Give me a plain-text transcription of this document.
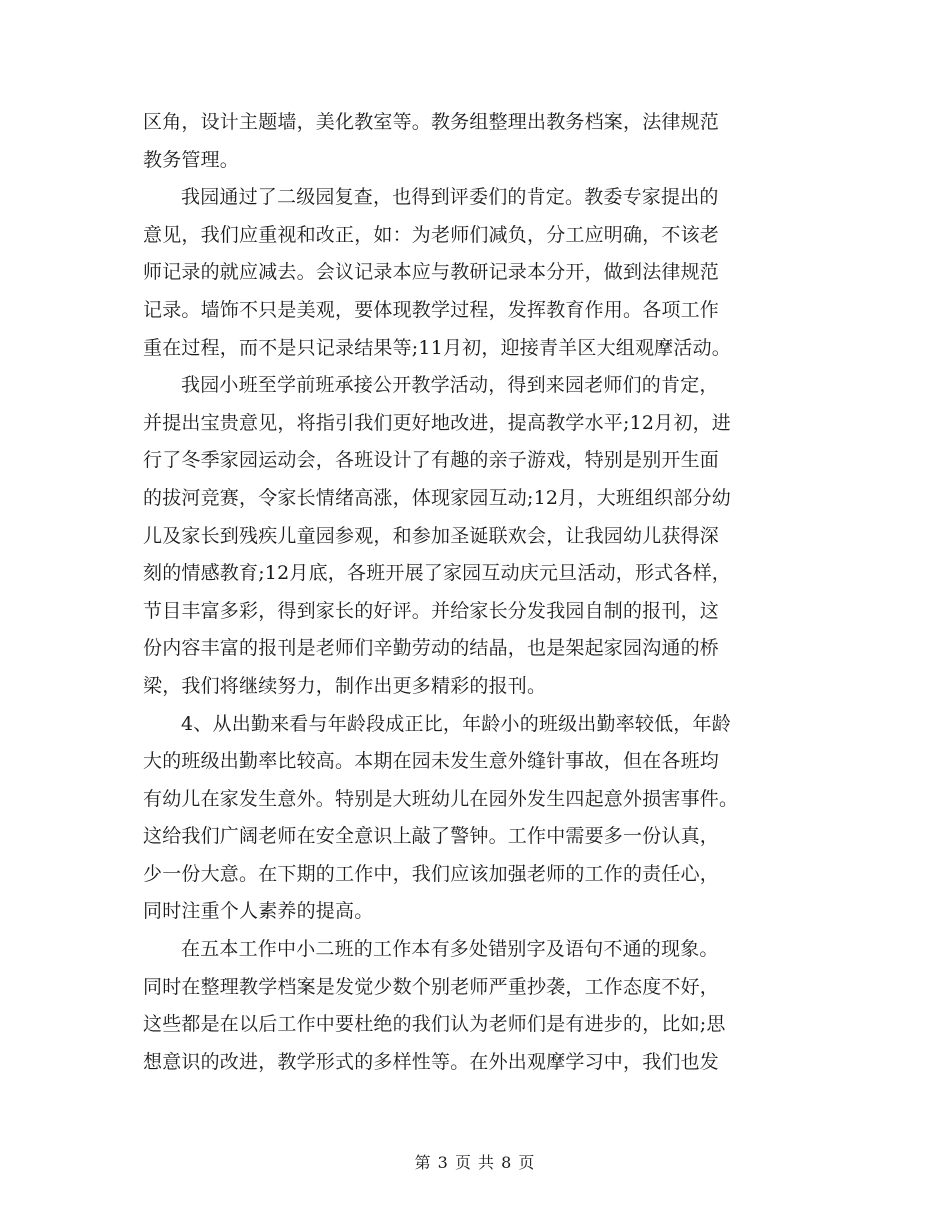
区角，设计主题墙，美化教室等。教务组整理出教务档案，法律规范
教务管理。
我园通过了二级园复查，也得到评委们的肯定。教委专家提出的
意见，我们应重视和改正，如：为老师们减负，分工应明确，不该老
师记录的就应减去。会议记录本应与教研记录本分开，做到法律规范
记录。墙饰不只是美观，要体现教学过程，发挥教育作用。各项工作
重在过程，而不是只记录结果等;11月初，迎接青羊区大组观摩活动。
我园小班至学前班承接公开教学活动，得到来园老师们的肯定，
并提出宝贵意见，将指引我们更好地改进，提高教学水平;12月初，进
行了冬季家园运动会，各班设计了有趣的亲子游戏，特别是别开生面
的拔河竞赛，令家长情绪高涨，体现家园互动;12月，大班组织部分幼
儿及家长到残疾儿童园参观，和参加圣诞联欢会，让我园幼儿获得深
刻的情感教育;12月底，各班开展了家园互动庆元旦活动，形式各样，
节目丰富多彩，得到家长的好评。并给家长分发我园自制的报刊，这
份内容丰富的报刊是老师们辛勤劳动的结晶，也是架起家园沟通的桥
梁，我们将继续努力，制作出更多精彩的报刊。
4、从出勤来看与年龄段成正比，年龄小的班级出勤率较低，年龄
大的班级出勤率比较高。本期在园未发生意外缝针事故，但在各班均
有幼儿在家发生意外。特别是大班幼儿在园外发生四起意外损害事件。
这给我们广阔老师在安全意识上敲了警钟。工作中需要多一份认真，
少一份大意。在下期的工作中，我们应该加强老师的工作的责任心，
同时注重个人素养的提高。
在五本工作中小二班的工作本有多处错别字及语句不通的现象。
同时在整理教学档案是发觉少数个别老师严重抄袭，工作态度不好，
这些都是在以后工作中要杜绝的我们认为老师们是有进步的，比如;思
想意识的改进，教学形式的多样性等。在外出观摩学习中，我们也发
第 3 页 共 8 页
